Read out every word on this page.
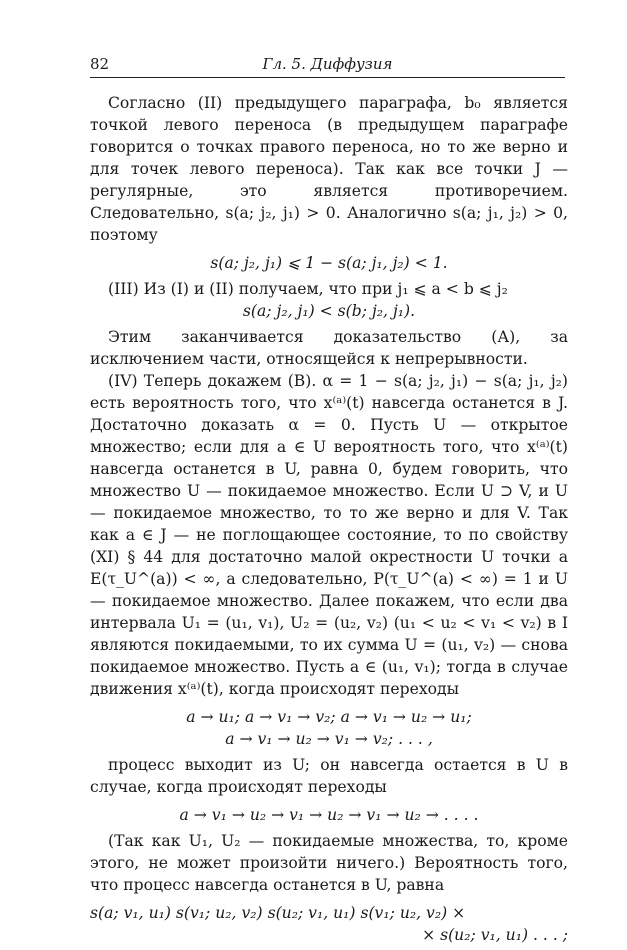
82	Гл. 5. Диффузия

Согласно (II) предыдущего параграфа, b₀ является точкой левого переноса (в предыдущем параграфе говорится о точках правого переноса, но то же верно и для точек левого переноса). Так как все точки J — регулярные, это является противоречием. Следовательно, s(a; j₂, j₁) > 0. Аналогично s(a; j₁, j₂) > 0, поэтому

s(a; j₂, j₁) ⩽ 1 − s(a; j₁, j₂) < 1.

(III) Из (I) и (II) получаем, что при j₁ ⩽ a < b ⩽ j₂

s(a; j₂, j₁) < s(b; j₂, j₁).

Этим заканчивается доказательство (А), за исключением части, относящейся к непрерывности.

(IV) Теперь докажем (В). α = 1 − s(a; j₂, j₁) − s(a; j₁, j₂) есть вероятность того, что x⁽ᵃ⁾(t) навсегда останется в J. Достаточно доказать α = 0. Пусть U — открытое множество; если для a ∈ U вероятность того, что x⁽ᵃ⁾(t) навсегда останется в U, равна 0, будем говорить, что множество U — покидаемое множество. Если U ⊃ V, и U — покидаемое множество, то то же верно и для V. Так как a ∈ J — не поглощающее состояние, то по свойству (XI) § 44 для достаточно малой окрестности U точки a E(τ_U^(a)) < ∞, а следовательно, P(τ_U^(a) < ∞) = 1 и U — покидаемое множество. Далее покажем, что если два интервала U₁ = (u₁, v₁), U₂ = (u₂, v₂) (u₁ < u₂ < v₁ < v₂) в I являются покидаемыми, то их сумма U = (u₁, v₂) — снова покидаемое множество. Пусть a ∈ (u₁, v₁); тогда в случае движения x⁽ᵃ⁾(t), когда происходят переходы

a → u₁; a → v₁ → v₂; a → v₁ → u₂ → u₁;

a → v₁ → u₂ → v₁ → v₂; . . . ,

процесс выходит из U; он навсегда остается в U в случае, когда происходят переходы

a → v₁ → u₂ → v₁ → u₂ → v₁ → u₂ → . . . .

(Так как U₁, U₂ — покидаемые множества, то, кроме этого, не может произойти ничего.) Вероятность того, что процесс навсегда останется в U, равна

s(a; v₁, u₁) s(v₁; u₂, v₂) s(u₂; v₁, u₁) s(v₁; u₂, v₂) ×

× s(u₂; v₁, u₁) . . . ;
